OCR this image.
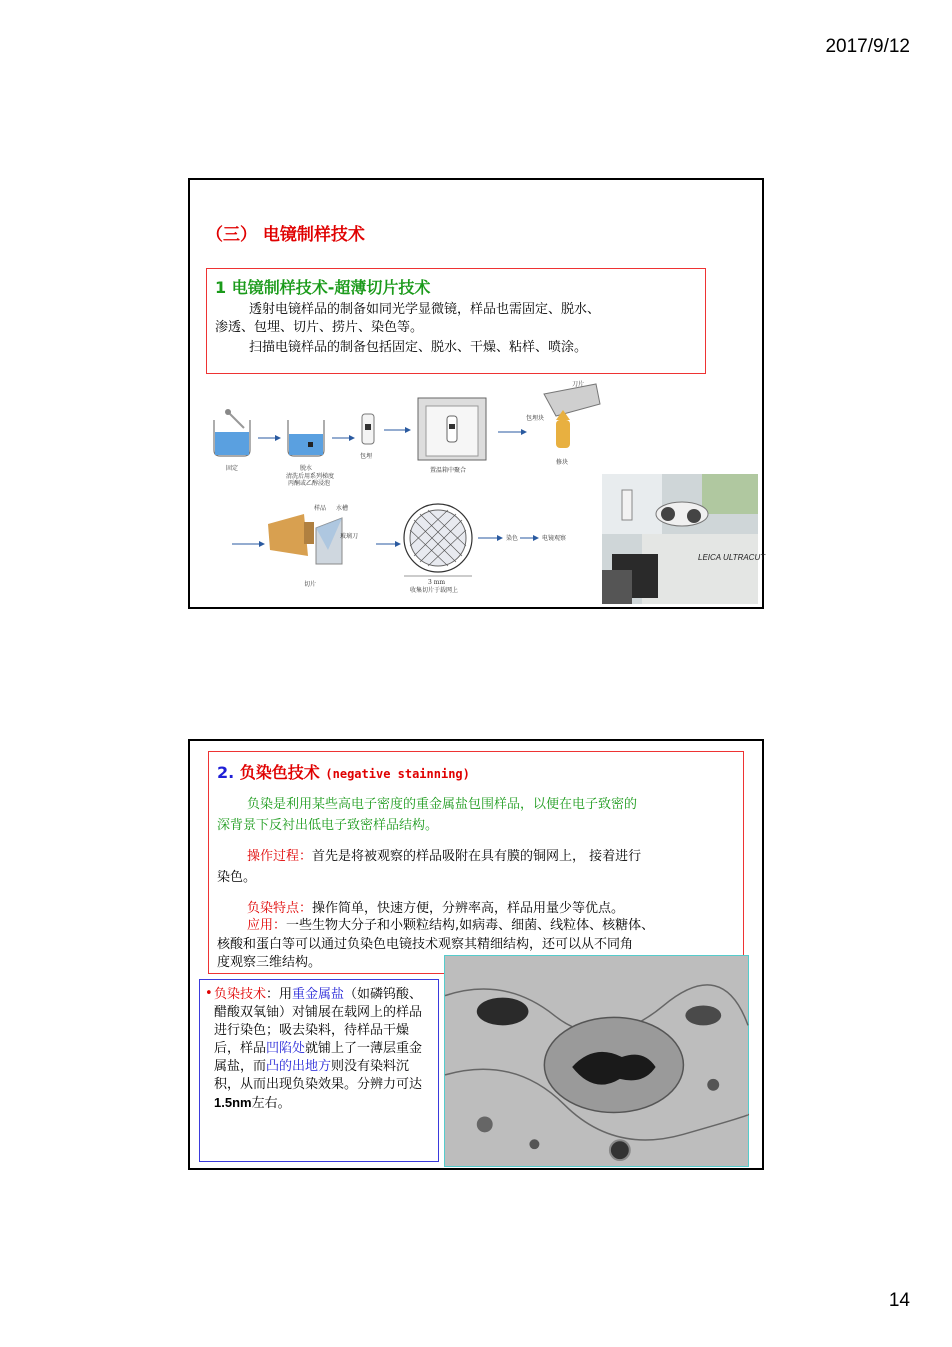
2017/9/12
（三） 电镜制样技术
1 电镜制样技术-超薄切片技术
透射电镜样品的制备如同光学显微镜，样品也需固定、脱水、
渗透、包埋、切片、捞片、染色等。
扫描电镜样品的制备包括固定、脱水、干燥、粘样、喷涂。
固定	脱水
清洗后用系列梯度
丙酮或乙醇浸泡
包埋
置温箱中聚合
刀片
包埋块
修块
样品 水槽
玻璃刀
切片	3 mm
收集切片于载网上
染色	电镜观察
LEICA ULTRACUT
2. 负染色技术 (negative stainning)
负染是利用某些高电子密度的重金属盐包围样品，以便在电子致密的
深背景下反衬出低电子致密样品结构。
操作过程：首先是将被观察的样品吸附在具有膜的铜网上， 接着进行
染色。
负染特点：操作简单，快速方便，分辨率高，样品用量少等优点。
应用：一些生物大分子和小颗粒结构,如病毒、细菌、线粒体、核糖体、
核酸和蛋白等可以通过负染色电镜技术观察其精细结构，还可以从不同角
度观察三维结构。
• 负染技术：用重金属盐（如磷钨酸、醋酸双氧铀）对铺展在载网上的样品进行染色；吸去染料，待样品干燥后，样品凹陷处就铺上了一薄层重金属盐，而凸的出地方则没有染料沉积，从而出现负染效果。分辨力可达1.5nm左右。
14
